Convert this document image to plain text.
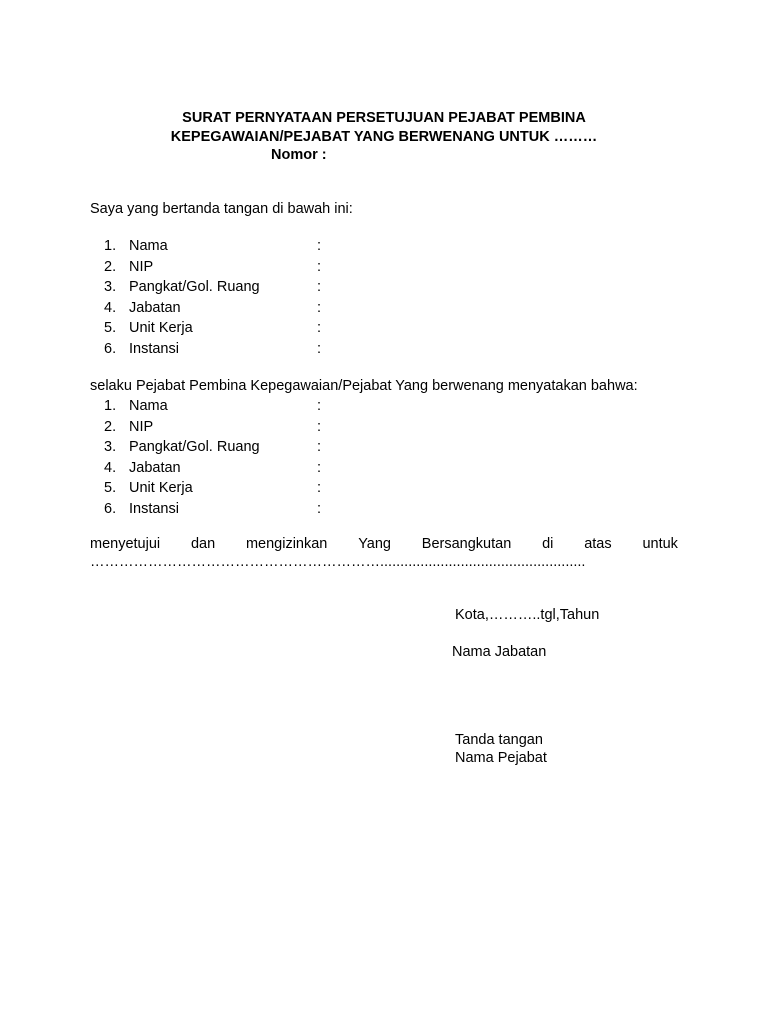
SURAT PERNYATAAN PERSETUJUAN PEJABAT PEMBINA
KEPEGAWAIAN/PEJABAT YANG BERWENANG UNTUK ………
Nomor :
Saya yang bertanda tangan di bawah ini:
1. Nama	:
2. NIP	:
3. Pangkat/Gol. Ruang	:
4. Jabatan	:
5. Unit Kerja	:
6. Instansi	:
selaku Pejabat Pembina Kepegawaian/Pejabat Yang berwenang menyatakan bahwa:
1. Nama	:
2. NIP	:
3. Pangkat/Gol. Ruang	:
4. Jabatan	:
5. Unit Kerja	:
6. Instansi	:
menyetujui dan mengizinkan Yang Bersangkutan di atas untuk
……………………………………………………...................................................
Kota,………..tgl,Tahun
Nama Jabatan
Tanda tangan
Nama Pejabat
